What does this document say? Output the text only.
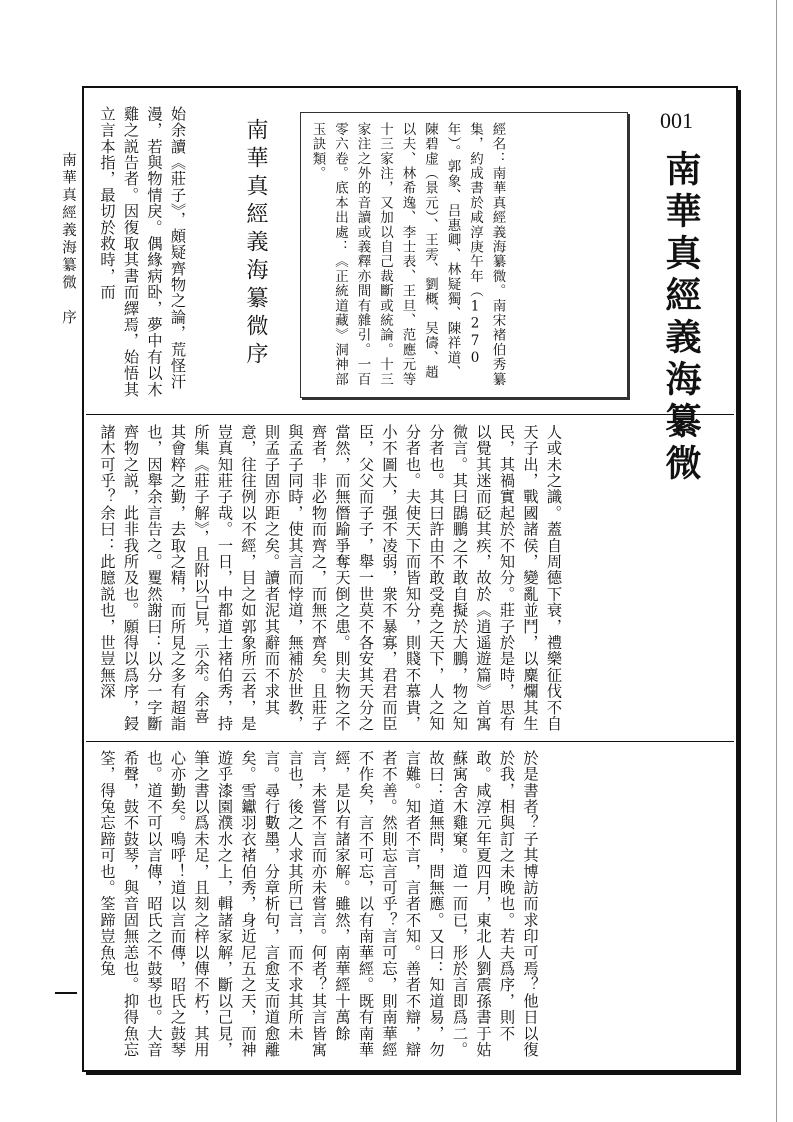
南華真經義海纂微　序
001
南華真經義海纂微
經名：南華真經義海纂微。南宋褚伯秀纂集，約成書於咸淳庚午年（1270年）。郭象、吕惠卿、林疑獨、陳祥道、陳碧虚（景元）、王雱、劉概、吴儔、趙以夫、林希逸、李士表、王旦、范應元等十三家注，又加以自己裁斷或統論。十三家注之外的音讀或義釋亦間有雜引。一百零六卷。底本出處：《正統道藏》洞神部玉訣類。
南華真經義海纂微序
始余讀《莊子》，頗疑齊物之論，荒怪汗漫，若與物情戾。偶緣病卧，夢中有以木雞之説告者。因復取其書而繹焉，始悟其立言本指，最切於救時，而
人或未之識。蓋自周德下衰，禮樂征伐不自天子出，戰國諸侯，變亂並鬥，以麋爛其生民，其禍實起於不知分。莊子於是時，思有以覺其迷而砭其疾，故於《逍遥遊篇》首寓微言。其曰鵾鵬之不敢自擬於大鵬，物之知分者也。其曰許由不敢受堯之天下，人之知分者也。夫使天下而皆知分，則賤不慕貴，小不圖大，强不凌弱，衆不暴寡，君君而臣臣，父父而子子，舉一世莫不各安其天分之當然，而無僭踰爭奪天倒之患。則夫物之不齊者，非必物而齊之，而無不齊矣。且莊子與孟子同時，使其言而悖道，無補於世教，則孟子固亦距之矣。讀者泥其辭而不求其意，往往例以不經，目之如郭象所云者，是豈真知莊子哉。一日，中都道士褚伯秀，持所集《莊子解》，且附以己見，示余。余喜其會粹之勤，去取之精，而所見之多有超詣也，因舉余言告之。矍然謝曰：以分一字斷齊物之説，此非我所及也。願得以爲序，鋟諸木可乎？余曰：此臆説也，世豈無深
於是書者？子其博訪而求印可焉？他日以復於我，相與訂之未晚也。若夫爲序，則不敢。咸淳元年夏四月，東北人劉震孫書于姑蘇寓舍木雞窠。道一而已，形於言即爲二。故曰：道無問，問無應。又曰：知道易，勿言難。知者不言，言者不知。善者不辯，辯者不善。然則忘言可乎？言可忘，則南華經不作矣，言不可忘，以有南華經。既有南華經，是以有諸家解。雖然，南華經十萬餘言，未嘗不言而亦未嘗言。何者？其言皆寓言也，後之人求其所已言，而不求其所未言。尋行數墨，分章析句，言愈支而道愈離矣。雪钀羽衣褚伯秀，身近尼五之天，而神遊乎漆園濮水之上，輯諸家解，斷以己見，筆之書以爲未足，且刻之梓以傳不朽，其用心亦勤矣。嗚呼！道以言而傳，昭氏之鼓琴也。道不可以言傳，昭氏之不鼓琴也。大音希聲，鼓不鼓琴，與音固無恙也。抑得魚忘筌，得兔忘蹄可也。筌蹄豈魚兔
